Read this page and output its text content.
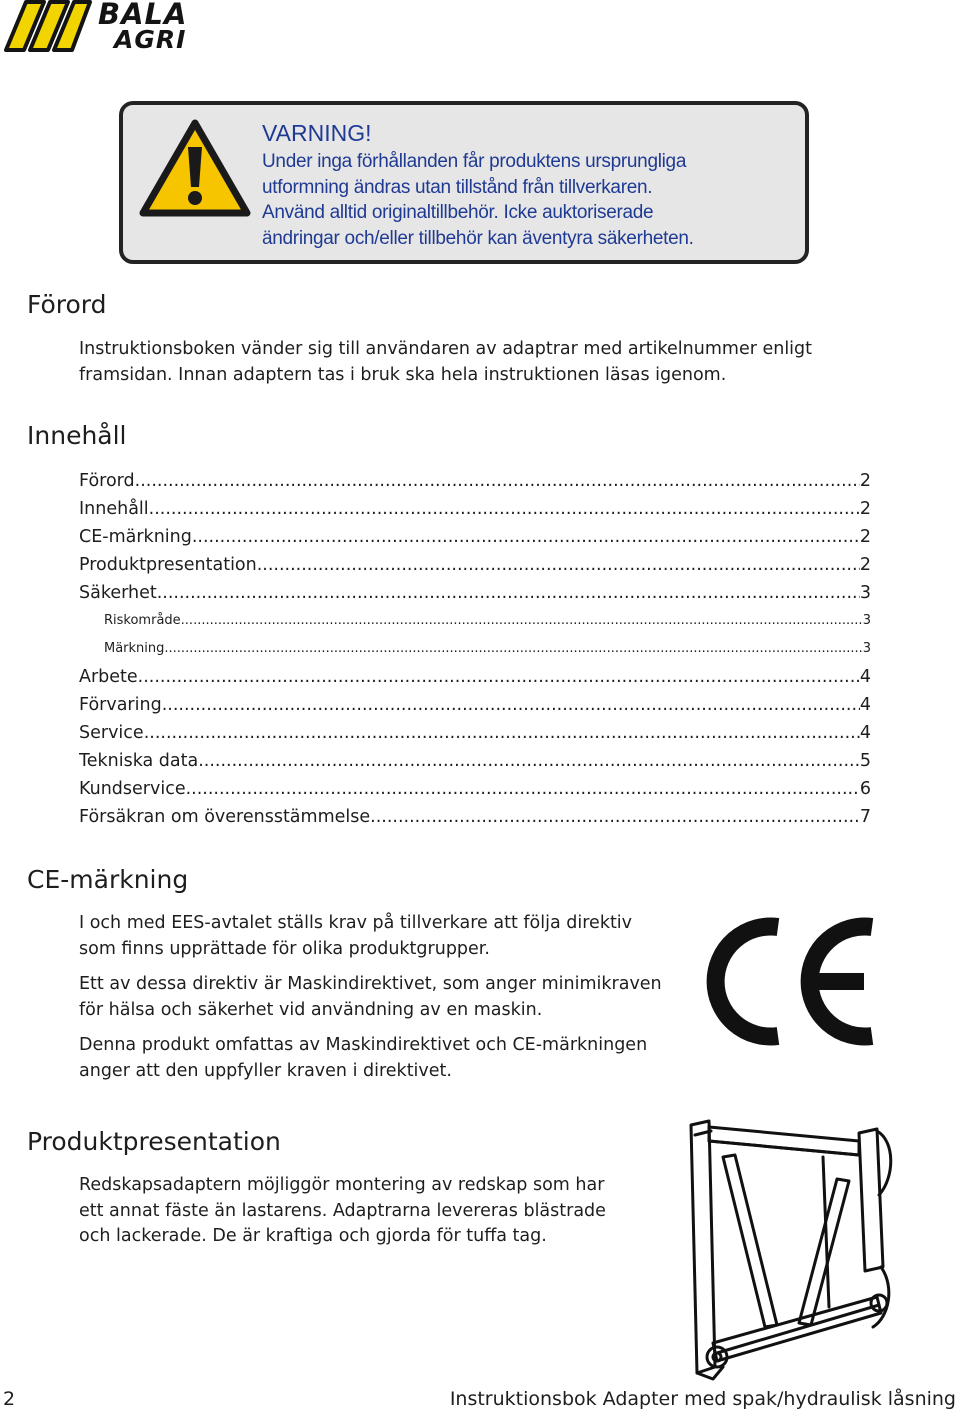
BALA
AGRI
VARNING!
Under inga förhållanden får produktens ursprungliga
utformning ändras utan tillstånd från tillverkaren.
Använd alltid originaltillbehör. Icke auktoriserade
ändringar och/eller tillbehör kan äventyra säkerheten.
Förord
Instruktionsboken vänder sig till användaren av adaptrar med artikelnummer enligt
framsidan. Innan adaptern tas i bruk ska hela instruktionen läsas igenom.
Innehåll
Förord .....	2
Innehåll .....	2
CE-märkning .....	2
Produktpresentation .....	2
Säkerhet .....	3
Riskområde .....	3
Märkning .....	3
Arbete .....	4
Förvaring .....	4
Service .....	4
Tekniska data .....	5
Kundservice .....	6
Försäkran om överensstämmelse .....	7
CE-märkning
I och med EES-avtalet ställs krav på tillverkare att följa direktiv
som finns upprättade för olika produktgrupper.
Ett av dessa direktiv är Maskindirektivet, som anger minimikraven
för hälsa och säkerhet vid användning av en maskin.
Denna produkt omfattas av Maskindirektivet och CE-märkningen
anger att den uppfyller kraven i direktivet.
Produktpresentation
Redskapsadaptern möjliggör montering av redskap som har
ett annat fäste än lastarens. Adaptrarna levereras blästrade
och lackerade. De är kraftiga och gjorda för tuffa tag.
2	Instruktionsbok Adapter med spak/hydraulisk låsning
